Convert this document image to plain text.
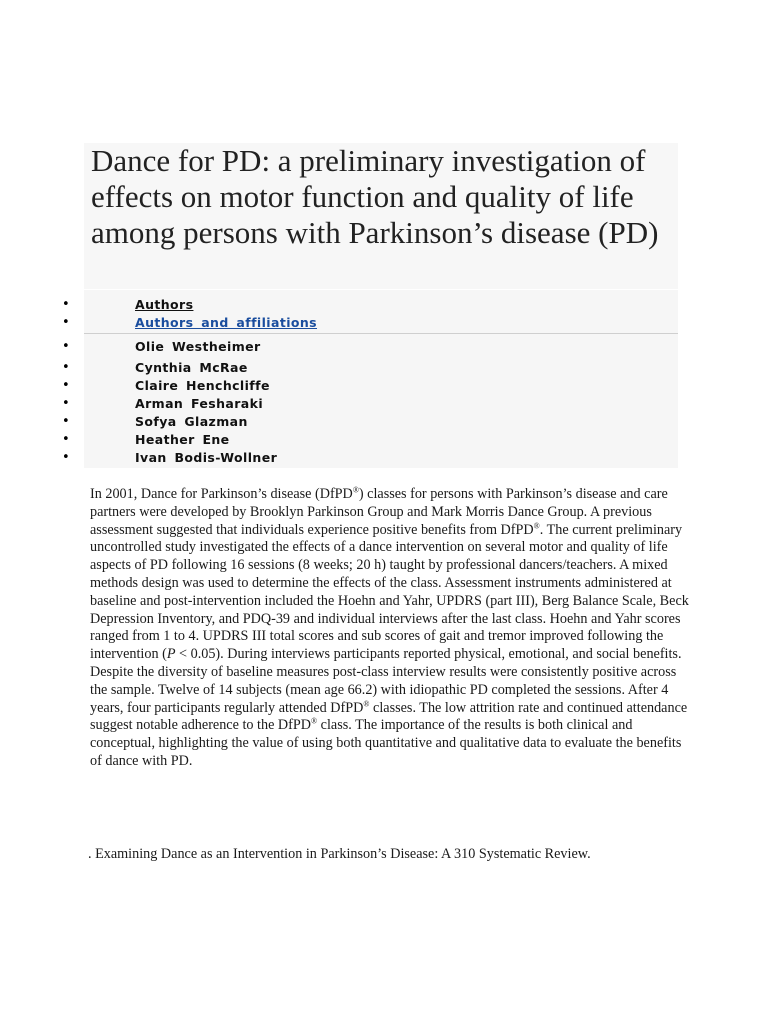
Dance for PD: a preliminary investigation of effects on motor function and quality of life among persons with Parkinson’s disease (PD)
•	Authors
•	Authors and affiliations
•	Olie Westheimer
•	Cynthia McRae
•	Claire Henchcliffe
•	Arman Fesharaki
•	Sofya Glazman
•	Heather Ene
•	Ivan Bodis-Wollner

In 2001, Dance for Parkinson’s disease (DfPD®) classes for persons with Parkinson’s disease and care partners were developed by Brooklyn Parkinson Group and Mark Morris Dance Group. A previous assessment suggested that individuals experience positive benefits from DfPD®. The current preliminary uncontrolled study investigated the effects of a dance intervention on several motor and quality of life aspects of PD following 16 sessions (8 weeks; 20 h) taught by professional dancers/teachers. A mixed methods design was used to determine the effects of the class. Assessment instruments administered at baseline and post-intervention included the Hoehn and Yahr, UPDRS (part III), Berg Balance Scale, Beck Depression Inventory, and PDQ-39 and individual interviews after the last class. Hoehn and Yahr scores ranged from 1 to 4. UPDRS III total scores and sub scores of gait and tremor improved following the intervention (P < 0.05). During interviews participants reported physical, emotional, and social benefits. Despite the diversity of baseline measures post-class interview results were consistently positive across the sample. Twelve of 14 subjects (mean age 66.2) with idiopathic PD completed the sessions. After 4 years, four participants regularly attended DfPD® classes. The low attrition rate and continued attendance suggest notable adherence to the DfPD® class. The importance of the results is both clinical and conceptual, highlighting the value of using both quantitative and qualitative data to evaluate the benefits of dance with PD.

. Examining Dance as an Intervention in Parkinson’s Disease: A 310 Systematic Review.
